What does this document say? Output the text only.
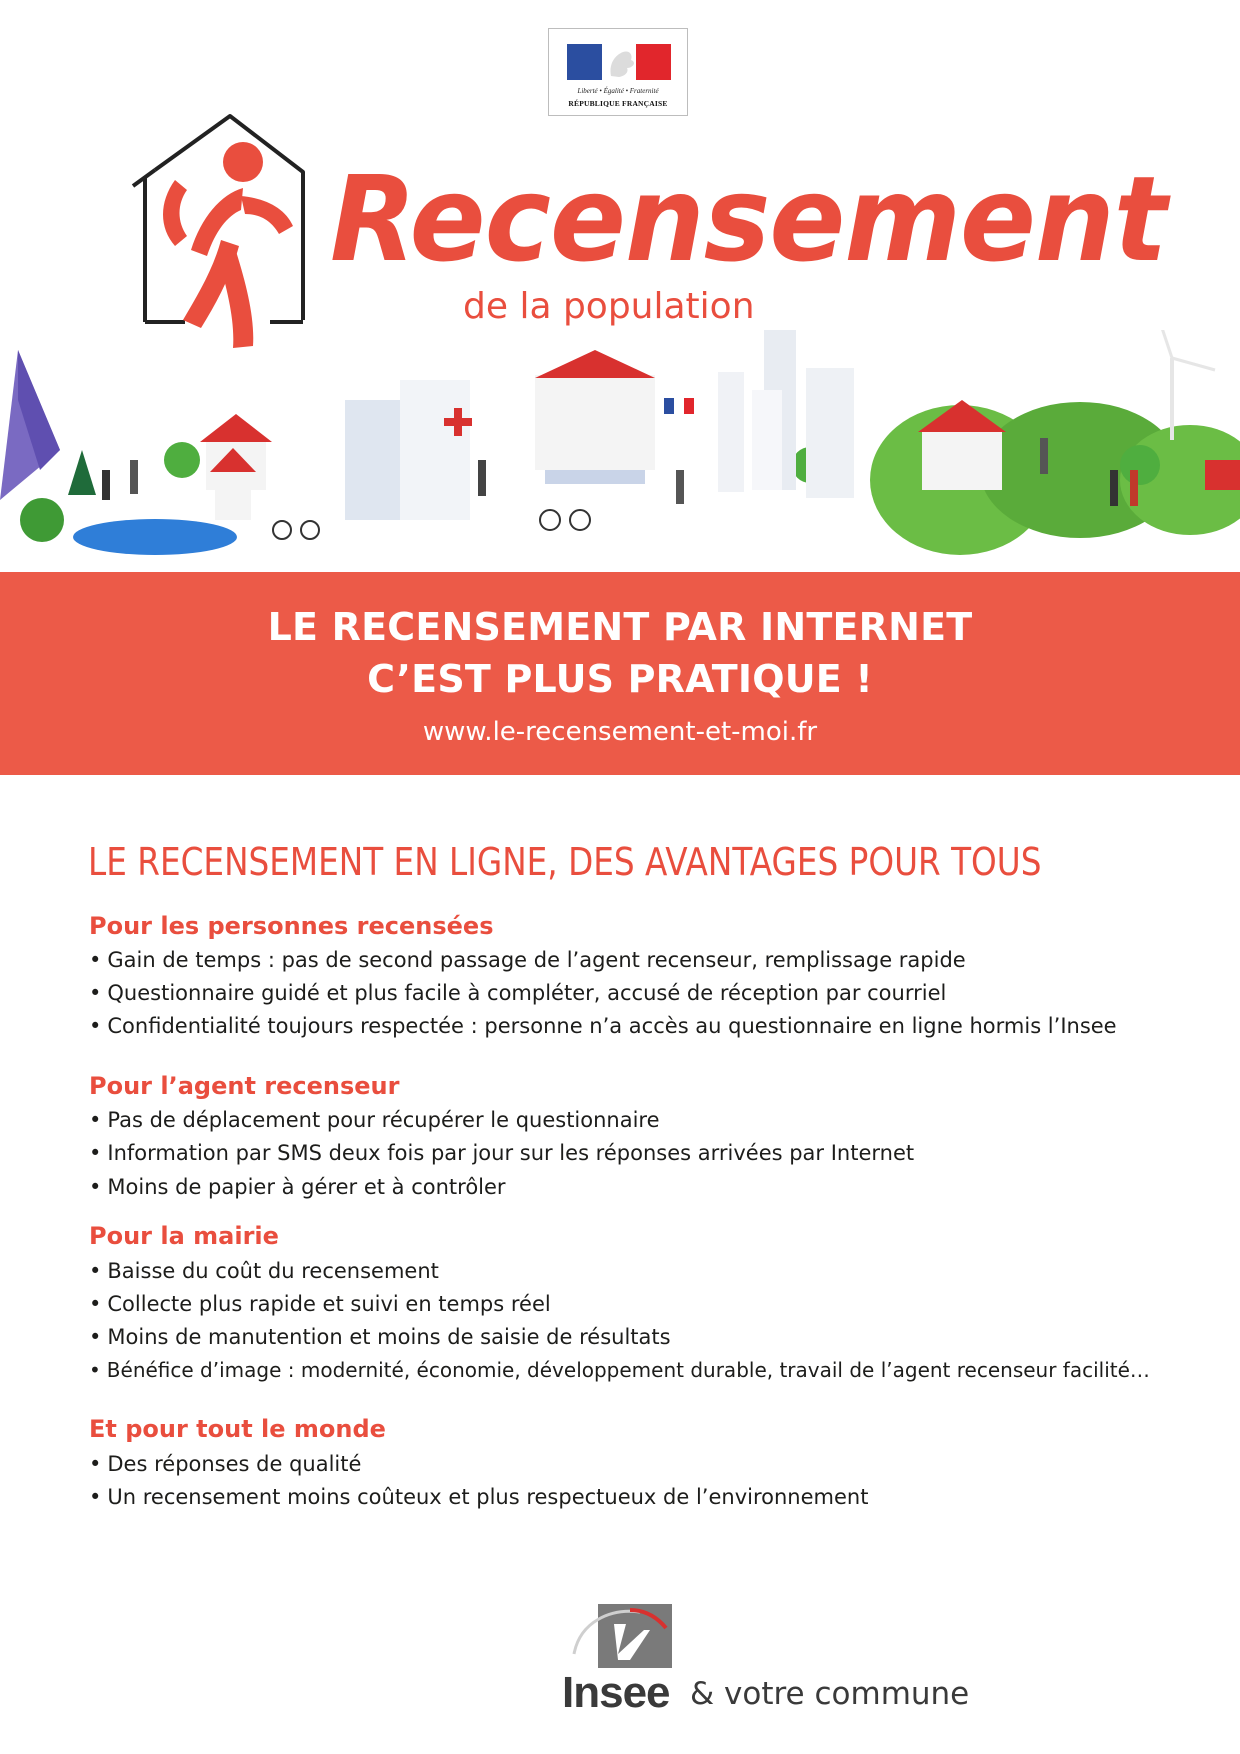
Liberté • Égalité • Fraternité
RÉPUBLIQUE FRANÇAISE
Recensement
de la population
LE RECENSEMENT PAR INTERNET
C’EST PLUS PRATIQUE !
www.le-recensement-et-moi.fr
LE RECENSEMENT EN LIGNE, DES AVANTAGES POUR TOUS
Pour les personnes recensées
• Gain de temps : pas de second passage de l’agent recenseur, remplissage rapide
• Questionnaire guidé et plus facile à compléter, accusé de réception par courriel
• Confidentialité toujours respectée : personne n’a accès au questionnaire en ligne hormis l’Insee
Pour l’agent recenseur
• Pas de déplacement pour récupérer le questionnaire
• Information par SMS deux fois par jour sur les réponses arrivées par Internet
• Moins de papier à gérer et à contrôler
Pour la mairie
• Baisse du coût du recensement
• Collecte plus rapide et suivi en temps réel
• Moins de manutention et moins de saisie de résultats
• Bénéfice d’image : modernité, économie, développement durable, travail de l’agent recenseur facilité…
Et pour tout le monde
• Des réponses de qualité
• Un recensement moins coûteux et plus respectueux de l’environnement
Insee & votre commune
